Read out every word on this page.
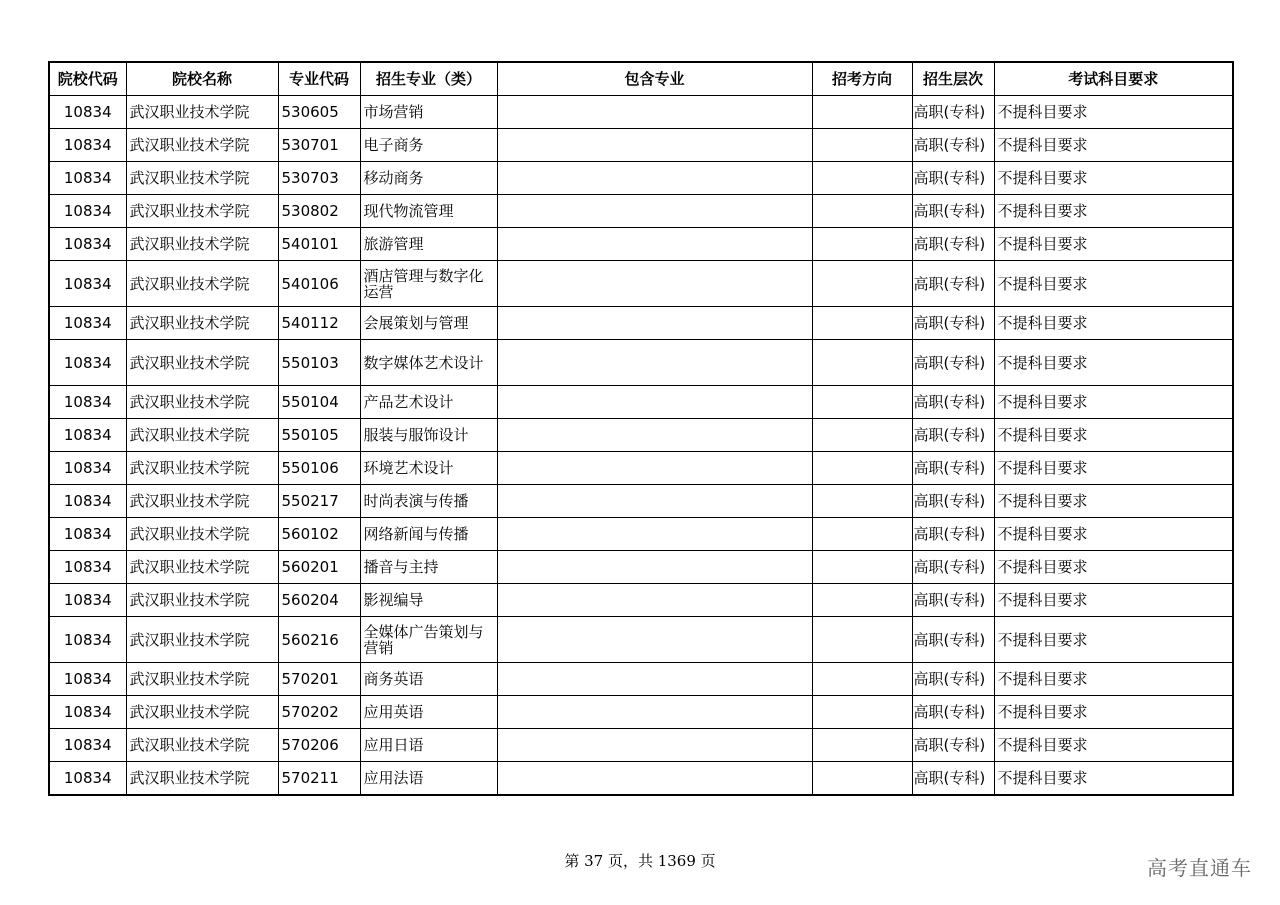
院校代码	院校名称	专业代码	招生专业（类）	包含专业	招考方向	招生层次	考试科目要求
10834	武汉职业技术学院	530605	市场营销			高职(专科)	不提科目要求
10834	武汉职业技术学院	530701	电子商务			高职(专科)	不提科目要求
10834	武汉职业技术学院	530703	移动商务			高职(专科)	不提科目要求
10834	武汉职业技术学院	530802	现代物流管理			高职(专科)	不提科目要求
10834	武汉职业技术学院	540101	旅游管理			高职(专科)	不提科目要求
10834	武汉职业技术学院	540106	酒店管理与数字化运营			高职(专科)	不提科目要求
10834	武汉职业技术学院	540112	会展策划与管理			高职(专科)	不提科目要求
10834	武汉职业技术学院	550103	数字媒体艺术设计			高职(专科)	不提科目要求
10834	武汉职业技术学院	550104	产品艺术设计			高职(专科)	不提科目要求
10834	武汉职业技术学院	550105	服装与服饰设计			高职(专科)	不提科目要求
10834	武汉职业技术学院	550106	环境艺术设计			高职(专科)	不提科目要求
10834	武汉职业技术学院	550217	时尚表演与传播			高职(专科)	不提科目要求
10834	武汉职业技术学院	560102	网络新闻与传播			高职(专科)	不提科目要求
10834	武汉职业技术学院	560201	播音与主持			高职(专科)	不提科目要求
10834	武汉职业技术学院	560204	影视编导			高职(专科)	不提科目要求
10834	武汉职业技术学院	560216	全媒体广告策划与营销			高职(专科)	不提科目要求
10834	武汉职业技术学院	570201	商务英语			高职(专科)	不提科目要求
10834	武汉职业技术学院	570202	应用英语			高职(专科)	不提科目要求
10834	武汉职业技术学院	570206	应用日语			高职(专科)	不提科目要求
10834	武汉职业技术学院	570211	应用法语			高职(专科)	不提科目要求
第 37 页，共 1369 页	高考直通车
